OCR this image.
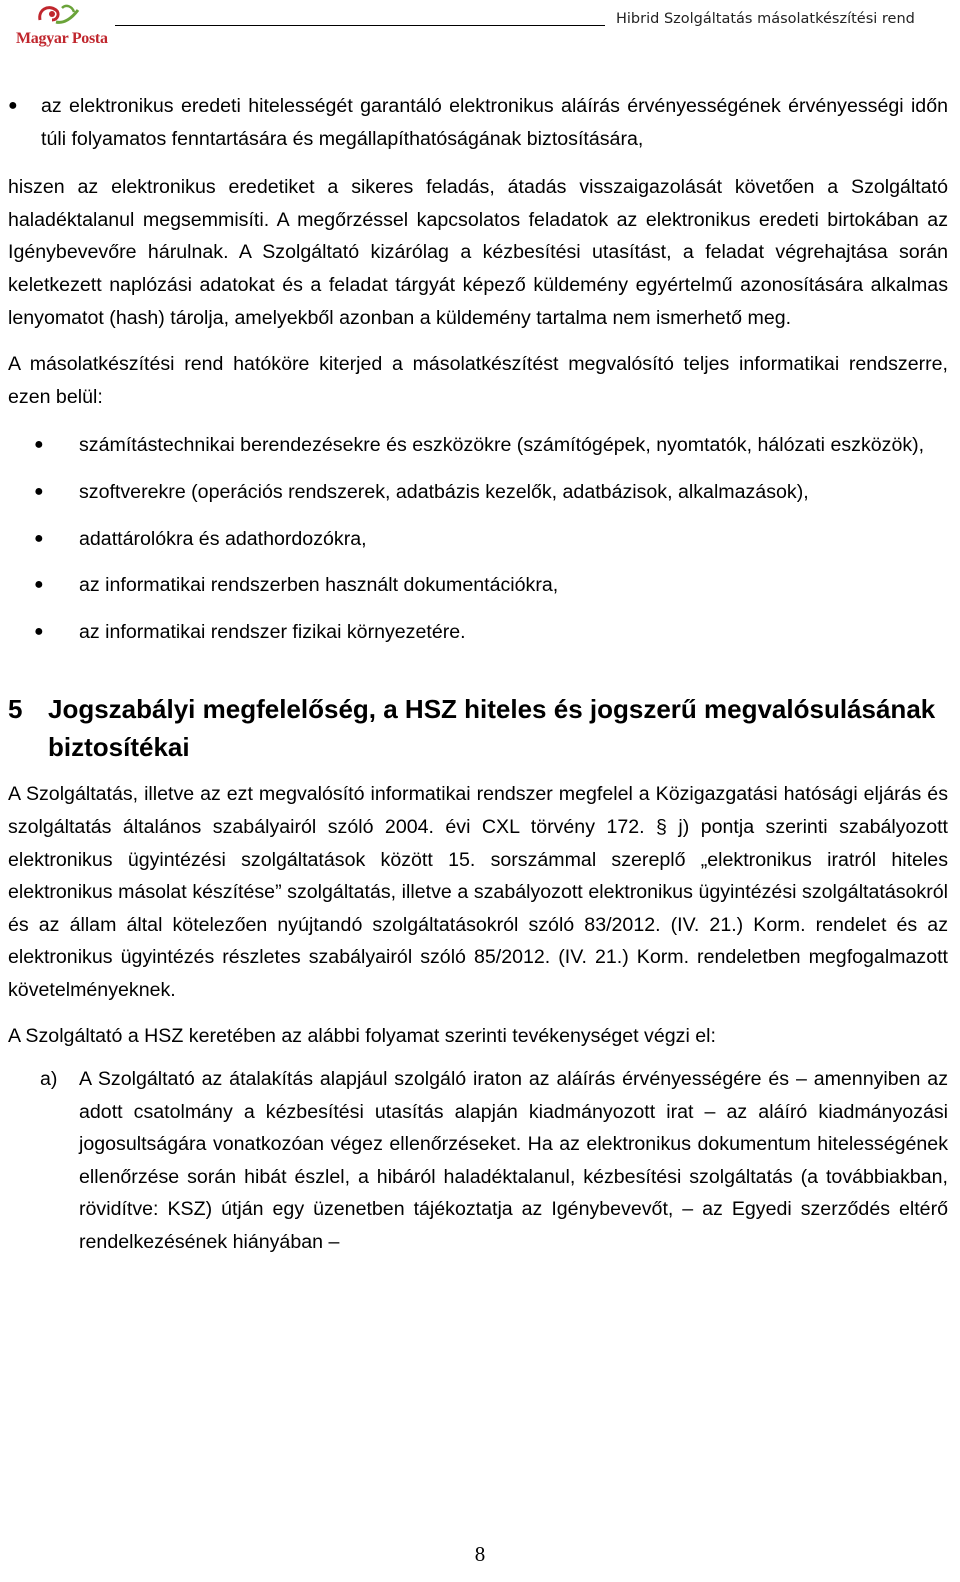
Magyar Posta
Hibrid Szolgáltatás másolatkészítési rend

● az elektronikus eredeti hitelességét garantáló elektronikus aláírás érvényességének érvényességi időn túli folyamatos fenntartására és megállapíthatóságának biztosítására,

hiszen az elektronikus eredetiket a sikeres feladás, átadás visszaigazolását követően a Szolgáltató haladéktalanul megsemmisíti. A megőrzéssel kapcsolatos feladatok az elektronikus eredeti birtokában az Igénybevevőre hárulnak. A Szolgáltató kizárólag a kézbesítési utasítást, a feladat végrehajtása során keletkezett naplózási adatokat és a feladat tárgyát képező küldemény egyértelmű azonosítására alkalmas lenyomatot (hash) tárolja, amelyekből azonban a küldemény tartalma nem ismerhető meg.

A másolatkészítési rend hatóköre kiterjed a másolatkészítést megvalósító teljes informatikai rendszerre, ezen belül:

● számítástechnikai berendezésekre és eszközökre (számítógépek, nyomtatók, hálózati eszközök),
● szoftverekre (operációs rendszerek, adatbázis kezelők, adatbázisok, alkalmazások),
● adattárolókra és adathordozókra,
● az informatikai rendszerben használt dokumentációkra,
● az informatikai rendszer fizikai környezetére.
5 Jogszabályi megfelelőség, a HSZ hiteles és jogszerű megvalósulásának biztosítékai

A Szolgáltatás, illetve az ezt megvalósító informatikai rendszer megfelel a Közigazgatási hatósági eljárás és szolgáltatás általános szabályairól szóló 2004. évi CXL törvény 172. § j) pontja szerinti szabályozott elektronikus ügyintézési szolgáltatások között 15. sorszámmal szereplő „elektronikus iratról hiteles elektronikus másolat készítése” szolgáltatás, illetve a szabályozott elektronikus ügyintézési szolgáltatásokról és az állam által kötelezően nyújtandó szolgáltatásokról szóló 83/2012. (IV. 21.) Korm. rendelet és az elektronikus ügyintézés részletes szabályairól szóló 85/2012. (IV. 21.) Korm. rendeletben megfogalmazott követelményeknek.

A Szolgáltató a HSZ keretében az alábbi folyamat szerinti tevékenységet végzi el:

a) A Szolgáltató az átalakítás alapjául szolgáló iraton az aláírás érvényességére és – amennyiben az adott csatolmány a kézbesítési utasítás alapján kiadmányozott irat – az aláíró kiadmányozási jogosultságára vonatkozóan végez ellenőrzéseket. Ha az elektronikus dokumentum hitelességének ellenőrzése során hibát észlel, a hibáról haladéktalanul, kézbesítési szolgáltatás (a továbbiakban, rövidítve: KSZ) útján egy üzenetben tájékoztatja az Igénybevevőt, – az Egyedi szerződés eltérő rendelkezésének hiányában –
8
